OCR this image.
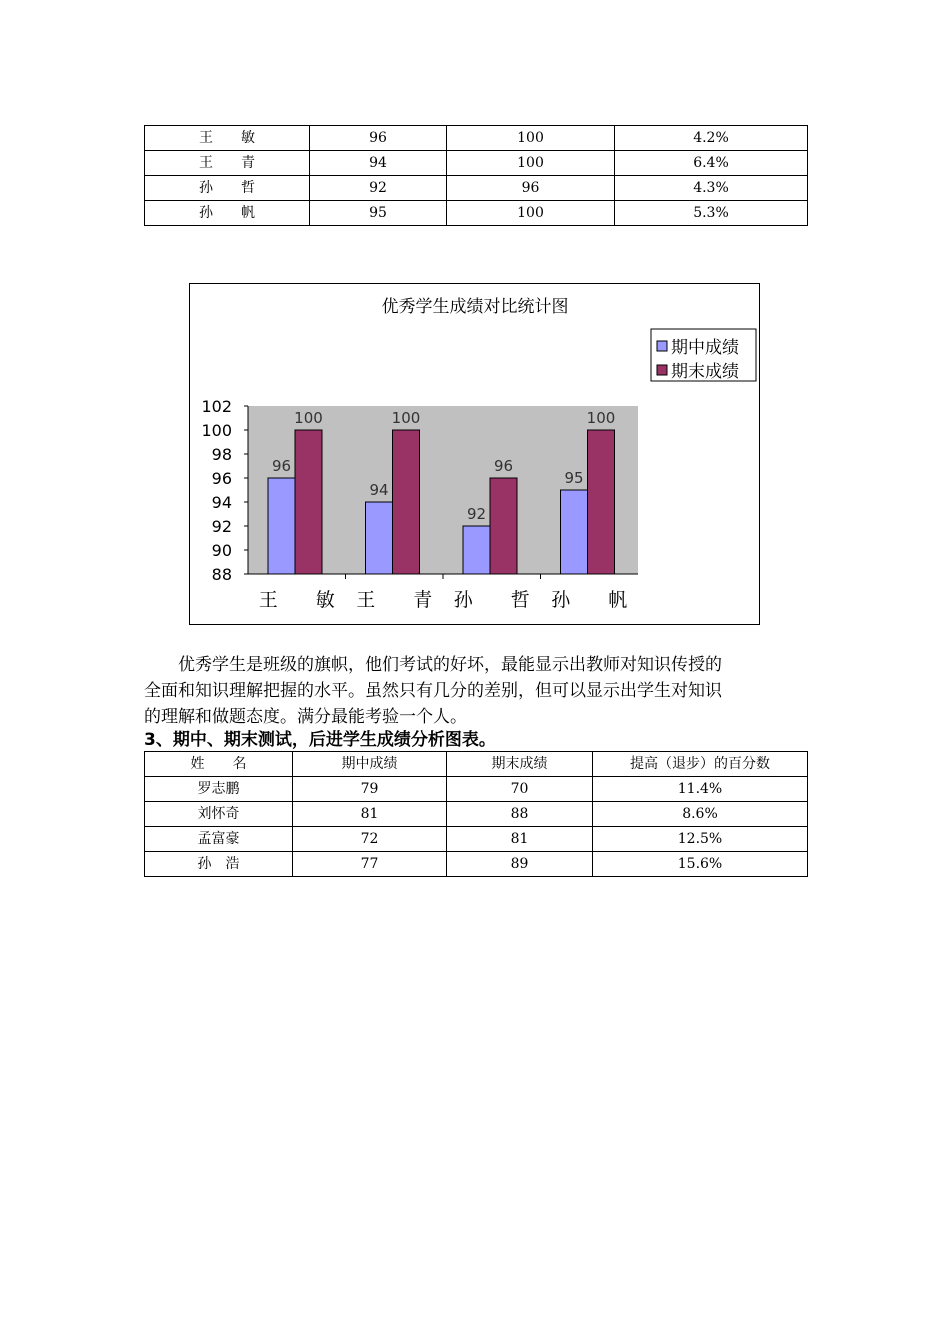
王　　敏	96	100	4.2%
王　　青	94	100	6.4%
孙　　哲	92	96	4.3%
孙　　帆	95	100	5.3%
优秀学生成绩对比统计图
88
90
92
94
96
98
100
102
96
100
王　　敏
94
100
王　　青
92
96
孙　　哲
95
100
孙　　帆
期中成绩
期末成绩
优秀学生是班级的旗帜，他们考试的好坏，最能显示出教师对知识传授的
全面和知识理解把握的水平。虽然只有几分的差别，但可以显示出学生对知识
的理解和做题态度。满分最能考验一个人。

3、期中、期末测试，后进学生成绩分析图表。

姓　　名	期中成绩	期末成绩	提高（退步）的百分数
罗志鹏	79	70	11.4%
刘怀奇	81	88	8.6%
孟富豪	72	81	12.5%
孙　浩	77	89	15.6%
